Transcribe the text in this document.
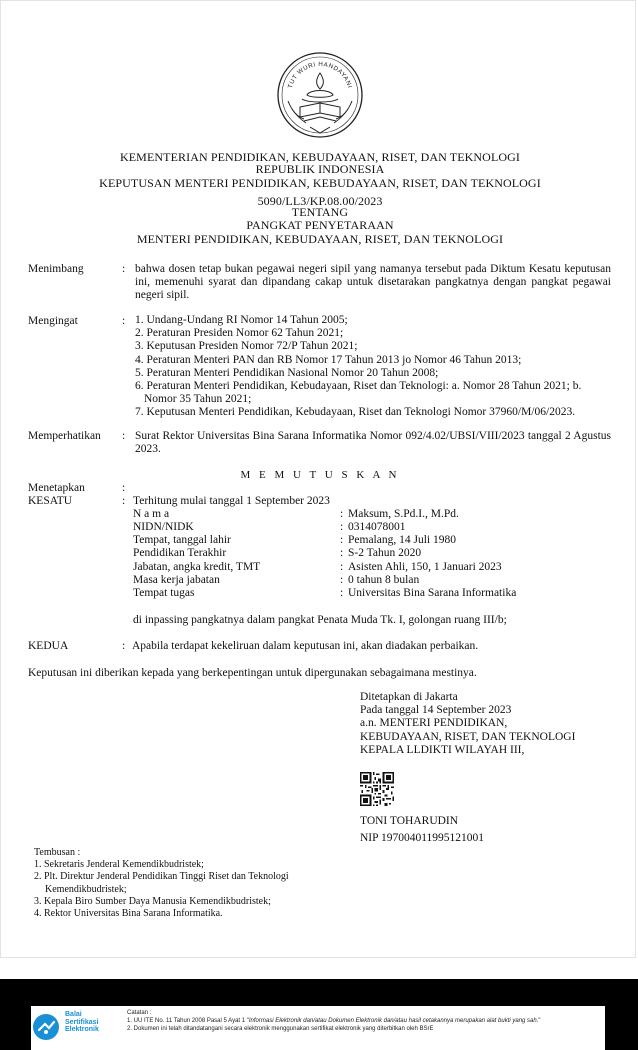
TUT WURI HANDAYANI
KEMENTERIAN PENDIDIKAN, KEBUDAYAAN, RISET, DAN TEKNOLOGI
REPUBLIK INDONESIA
KEPUTUSAN MENTERI PENDIDIKAN, KEBUDAYAAN, RISET, DAN TEKNOLOGI
5090/LL3/KP.08.00/2023
TENTANG
PANGKAT PENYETARAAN
MENTERI PENDIDIKAN, KEBUDAYAAN, RISET, DAN TEKNOLOGI
Menimbang	: bahwa dosen tetap bukan pegawai negeri sipil yang namanya tersebut pada Diktum Kesatu keputusan ini, memenuhi syarat dan dipandang cakap untuk disetarakan pangkatnya dengan pangkat pegawai negeri sipil.
Mengingat	: 1. Undang-Undang RI Nomor 14 Tahun 2005;
2. Peraturan Presiden Nomor 62 Tahun 2021;
3. Keputusan Presiden Nomor 72/P Tahun 2021;
4. Peraturan Menteri PAN dan RB Nomor 17 Tahun 2013 jo Nomor 46 Tahun 2013;
5. Peraturan Menteri Pendidikan Nasional Nomor 20 Tahun 2008;
6. Peraturan Menteri Pendidikan, Kebudayaan, Riset dan Teknologi: a. Nomor 28 Tahun 2021; b. Nomor 35 Tahun 2021;
7. Keputusan Menteri Pendidikan, Kebudayaan, Riset dan Teknologi Nomor 37960/M/06/2023.
Memperhatikan : Surat Rektor Universitas Bina Sarana Informatika Nomor 092/4.02/UBSI/VIII/2023 tanggal 2 Agustus 2023.
M E M U T U S K A N
Menetapkan	:
KESATU	: Terhitung mulai tanggal 1 September 2023
N a m a	: Maksum, S.Pd.I., M.Pd.
NIDN/NIDK	: 0314078001
Tempat, tanggal lahir	: Pemalang, 14 Juli 1980
Pendidikan Terakhir	: S-2 Tahun 2020
Jabatan, angka kredit, TMT	: Asisten Ahli, 150, 1 Januari 2023
Masa kerja jabatan	: 0 tahun 8 bulan
Tempat tugas	: Universitas Bina Sarana Informatika
di inpassing pangkatnya dalam pangkat Penata Muda Tk. I, golongan ruang III/b;
KEDUA	: Apabila terdapat kekeliruan dalam keputusan ini, akan diadakan perbaikan.
Keputusan ini diberikan kepada yang berkepentingan untuk dipergunakan sebagaimana mestinya.
Ditetapkan di Jakarta
Pada tanggal 14 September 2023
a.n. MENTERI PENDIDIKAN,
KEBUDAYAAN, RISET, DAN TEKNOLOGI
KEPALA LLDIKTI WILAYAH III,
TONI TOHARUDIN
NIP 197004011995121001
Tembusan :
1. Sekretaris Jenderal Kemendikbudristek;
2. Plt. Direktur Jenderal Pendidikan Tinggi Riset dan Teknologi Kemendikbudristek;
3. Kepala Biro Sumber Daya Manusia Kemendikbudristek;
4. Rektor Universitas Bina Sarana Informatika.
Balai
Sertifikasi
Elektronik
Catatan :
1. UU ITE No. 11 Tahun 2008 Pasal 5 Ayat 1 "Informasi Elektronik dan/atau Dokumen Elektronik dan/atau hasil cetakannya merupakan alat bukti yang sah."
2. Dokumen ini telah ditandatangani secara elektronik menggunakan sertifikat elektronik yang diterbitkan oleh BSrE
